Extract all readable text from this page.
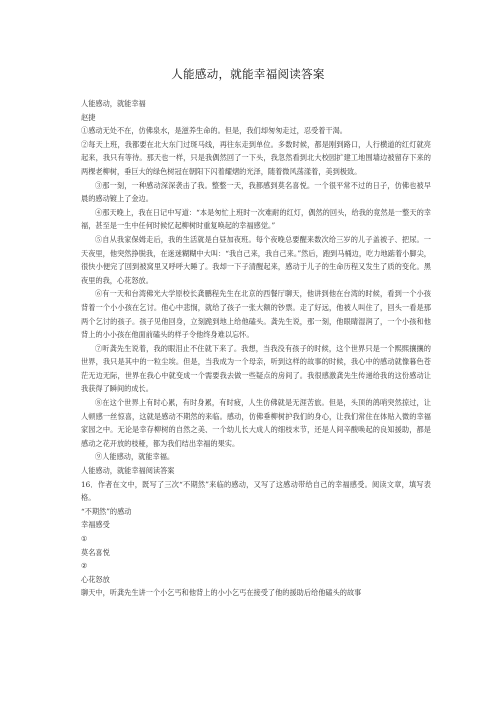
人能感动，就能幸福阅读答案

人能感动，就能幸福

赵捷

①感动无处不在，仿佛泉水，是滋养生命的。但是，我们却匆匆走过，忍受着干渴。

②每天上班，我都要在北大东门过斑马线，再往东走到单位。多数时候，都是刚到路口，人行横道的红灯就亮起来，我只有等待。那天也一样，只是我偶然回了一下头，我忽然看到北大校园扩建工地围墙边被留存下来的两棵老柳树，垂巨大的绿色树冠在朝阳下闪着耀熠的光泽，随着微风荡漾着，美到极致。

③那一刻，一种感动深深袭击了我。整整一天，我都感到莫名喜悦。一个很平常不过的日子，仿佛也被早晨的感动镀上了金边。

④那天晚上，我在日记中写道：“本是匆忙上班时一次难耐的红灯，偶然的回头，给我的竟然是一整天的幸福，甚至是一生中任何时候忆起柳树时重复唤起的幸福感觉。”

⑤自从我家保姆走后，我的生活就是白昼加夜班。每个夜晚总要醒来数次给三岁的儿子盖被子、把尿。一天夜里，他突然挣脱我，在迷迷糊糊中大叫：“我自己来，我自己来。”然后，跑到马桶边，吃力地踮着小脚尖，很快小便完了回到被窝里又呼呼大睡了。我却一下子清醒起来，感动于儿子的生命历程又发生了质的变化。黑夜里的我，心花怒放。

⑥有一天和台湾佛光大学原校长龚鹏程先生在北京的西餐厅聊天，他讲到他在台湾的时候，看到一个小孩背着一个小小孩在乞讨。他心中悲悯，就给了孩子一张大额的钞票。走了好远，他被人叫住了，回头一看是那两个乞讨的孩子。孩子见他回身，立刻跪到地上给他磕头。龚先生说，那一刻，他眼睛湿润了，一个小孩和他背上的小小孩在他面前磕头的样子令他终身难以忘怀。

⑦听龚先生说着，我的眼泪止不住就下来了。我想，当我没有孩子的时候，这个世界只是一个熙熙攘攘的世界，我只是其中的一粒尘埃。但是，当我成为一个母亲，听到这样的故事的时候，我心中的感动就像暮色苍茫无边无际，世界在我心中就变成一个需要我去做一些疑点的房间了。我很感激龚先生传递给我的这份感动让我获得了瞬间的成长。

⑧在这个世界上有时心累，有时身累，有时疲，人生仿佛就是无涯苦旅。但是，头顶的鸽哨突然掠过，让人顿感一丝惊喜，这就是感动不期然的来临。感动，仿佛垂柳树护我们的身心，让我们常住在体贴入微的幸福家园之中。无论是幸存柳树的自然之美、一个幼儿长大成人的细枝末节，还是人间辛酸唤起的良知援助，都是感动之花开放的枝桠，都为我们结出幸福的果实。

⑨人能感动，就能幸福。

人能感动，就能幸福阅读答案

16．作者在文中，既写了三次“不期然”来临的感动，又写了这感动带给自己的幸福感受。阅读文章，填写表格。

“不期然”的感动

幸福感受

①

莫名喜悦

②

心花怒放

聊天中，听龚先生讲一个小乞丐和他背上的小小乞丐在接受了他的援助后给他磕头的故事
